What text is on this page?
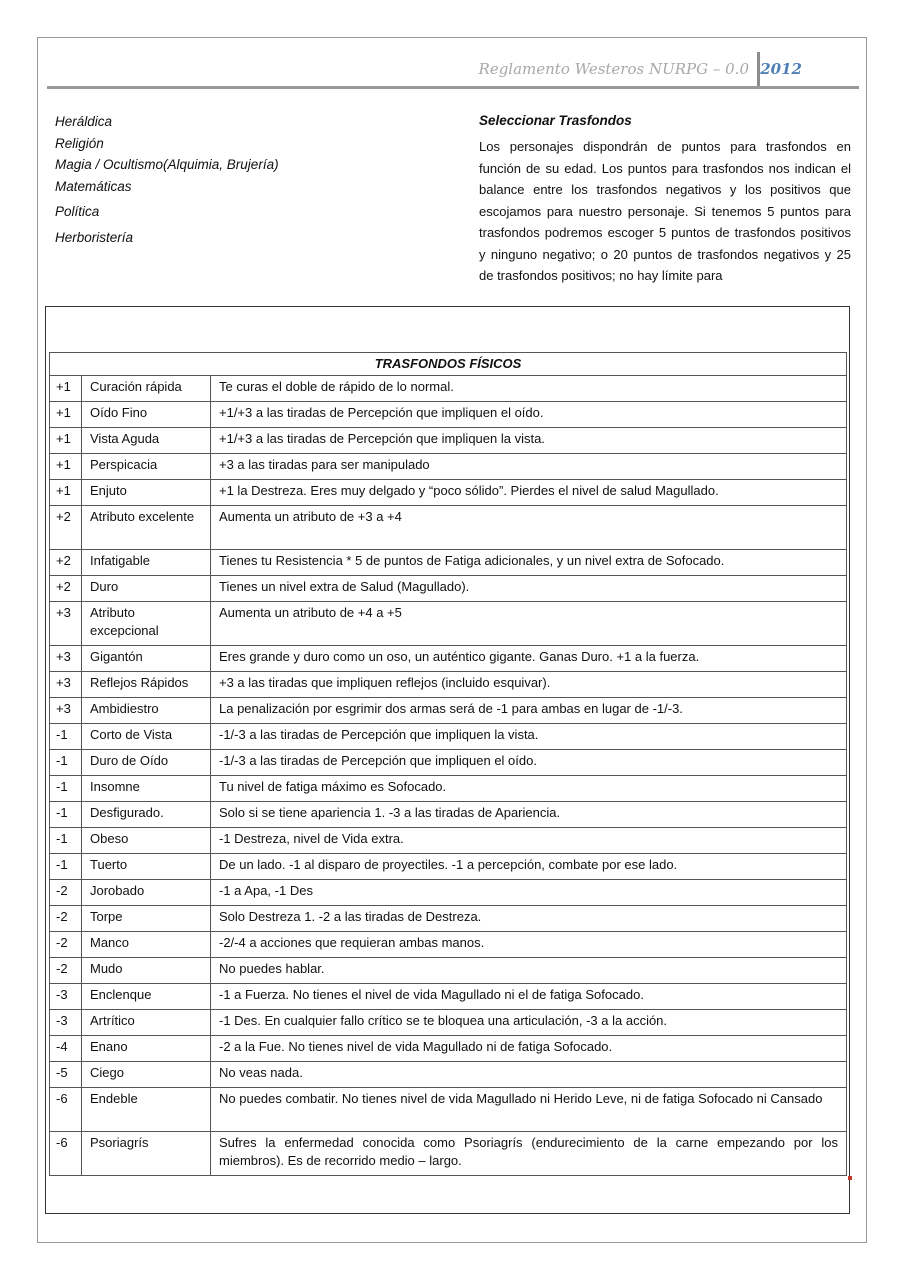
Reglamento Westeros NURPG – 0.0 2012
Heráldica
Religión
Magia / Ocultismo(Alquimia, Brujería)
Matemáticas
Política
Herboristería
Seleccionar Trasfondos
Los personajes dispondrán de puntos para trasfondos en función de su edad. Los puntos para trasfondos nos indican el balance entre los trasfondos negativos y los positivos que escojamos para nuestro personaje. Si tenemos 5 puntos para trasfondos podremos escoger 5 puntos de trasfondos positivos y ninguno negativo; o 20 puntos de trasfondos negativos y 25 de trasfondos positivos; no hay límite para
TRASFONDOS FÍSICOS		
+1	Curación rápida	Te curas el doble de rápido de lo normal.
+1	Oído Fino	+1/+3 a las tiradas de Percepción que impliquen el oído.
+1	Vista Aguda	+1/+3 a las tiradas de Percepción que impliquen la vista.
+1	Perspicacia	+3 a las tiradas para ser manipulado
+1	Enjuto	+1 la Destreza. Eres muy delgado y “poco sólido”. Pierdes el nivel de salud Magullado.
+2	Atributo excelente	Aumenta un atributo de +3 a +4
+2	Infatigable	Tienes tu Resistencia * 5 de puntos de Fatiga adicionales, y un nivel extra de Sofocado.
+2	Duro	Tienes un nivel extra de Salud (Magullado).
+3	Atributo excepcional	Aumenta un atributo de +4 a +5
+3	Gigantón	Eres grande y duro como un oso, un auténtico gigante. Ganas Duro. +1 a la fuerza.
+3	Reflejos Rápidos	+3 a las tiradas que impliquen reflejos (incluido esquivar).
+3	Ambidiestro	La penalización por esgrimir dos armas será de -1 para ambas en lugar de -1/-3.
-1	Corto de Vista	-1/-3 a las tiradas de Percepción que impliquen la vista.
-1	Duro de Oído	-1/-3 a las tiradas de Percepción que impliquen el oído.
-1	Insomne	Tu nivel de fatiga máximo es Sofocado.
-1	Desfigurado.	Solo si se tiene apariencia 1. -3 a las tiradas de Apariencia.
-1	Obeso	-1 Destreza, nivel de Vida extra.
-1	Tuerto	De un lado. -1 al disparo de proyectiles. -1 a percepción, combate por ese lado.
-2	Jorobado	-1 a Apa, -1 Des
-2	Torpe	Solo Destreza 1. -2 a las tiradas de Destreza.
-2	Manco	-2/-4 a acciones que requieran ambas manos.
-2	Mudo	No puedes hablar.
-3	Enclenque	-1 a Fuerza. No tienes el nivel de vida Magullado ni el de fatiga Sofocado.
-3	Artrítico	-1 Des. En cualquier fallo crítico se te bloquea una articulación, -3 a la acción.
-4	Enano	-2 a la Fue. No tienes nivel de vida Magullado ni de fatiga Sofocado.
-5	Ciego	No veas nada.
-6	Endeble	No puedes combatir. No tienes nivel de vida Magullado ni Herido Leve, ni de fatiga Sofocado ni Cansado
-6	Psoriagrís	Sufres la enfermedad conocida como Psoriagrís (endurecimiento de la carne empezando por los miembros). Es de recorrido medio – largo.
